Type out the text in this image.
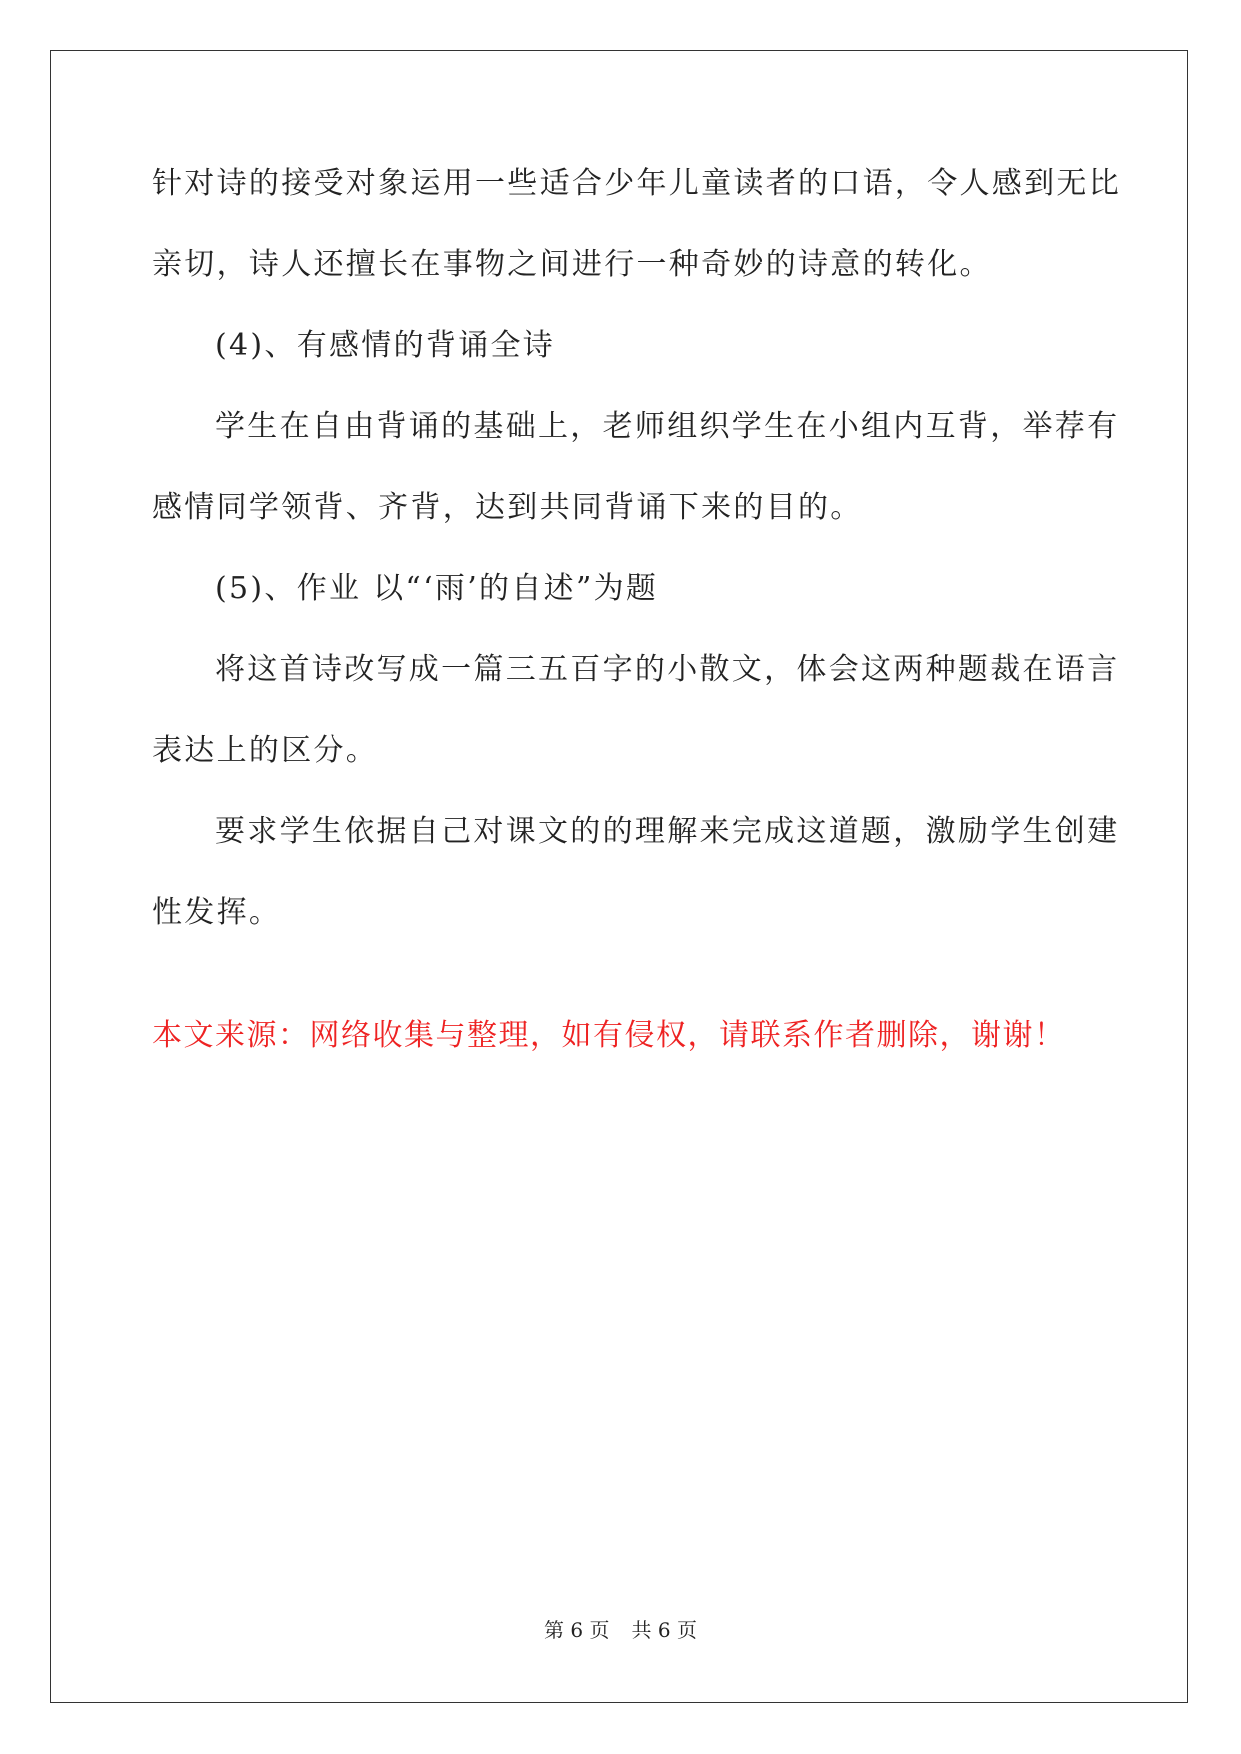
针对诗的接受对象运用一些适合少年儿童读者的口语，令人感到无比
亲切，诗人还擅长在事物之间进行一种奇妙的诗意的转化。
(4)、有感情的背诵全诗
学生在自由背诵的基础上，老师组织学生在小组内互背，举荐有
感情同学领背、齐背，达到共同背诵下来的目的。
(5)、作业 以“‘雨’的自述”为题
将这首诗改写成一篇三五百字的小散文，体会这两种题裁在语言
表达上的区分。
要求学生依据自己对课文的的理解来完成这道题，激励学生创建
性发挥。
本文来源：网络收集与整理，如有侵权，请联系作者删除，谢谢！
第 6 页 共 6 页
